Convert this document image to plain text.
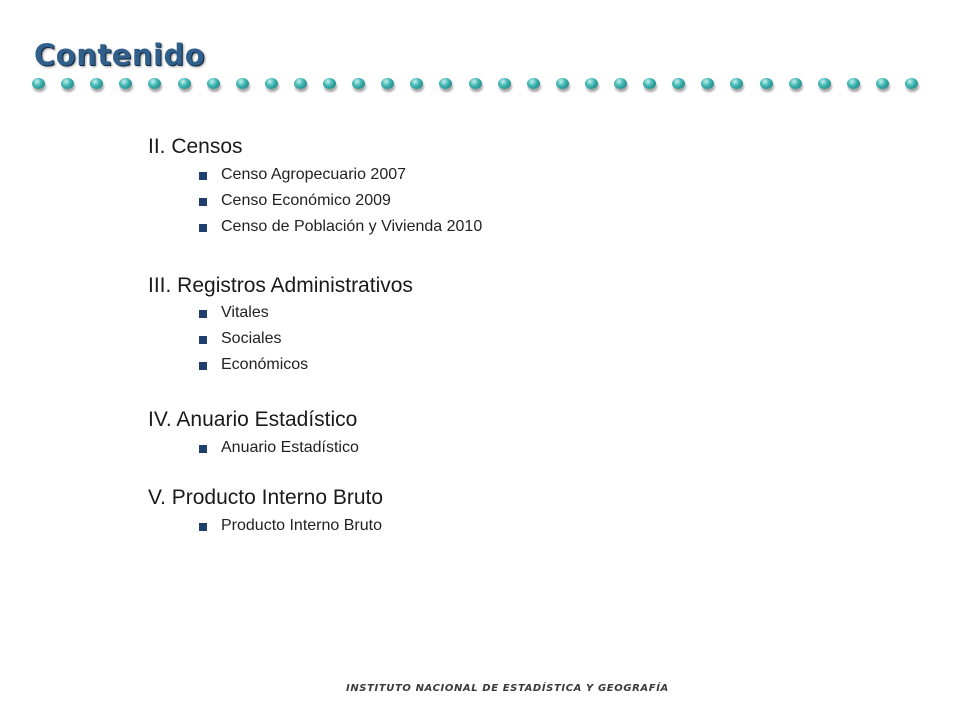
Contenido
II. Censos
Censo Agropecuario 2007
Censo Económico 2009
Censo de Población y Vivienda 2010
III. Registros Administrativos
Vitales
Sociales
Económicos
IV. Anuario Estadístico
Anuario Estadístico
V. Producto Interno Bruto
Producto Interno Bruto
INSTITUTO NACIONAL DE ESTADÍSTICA Y GEOGRAFÍA
